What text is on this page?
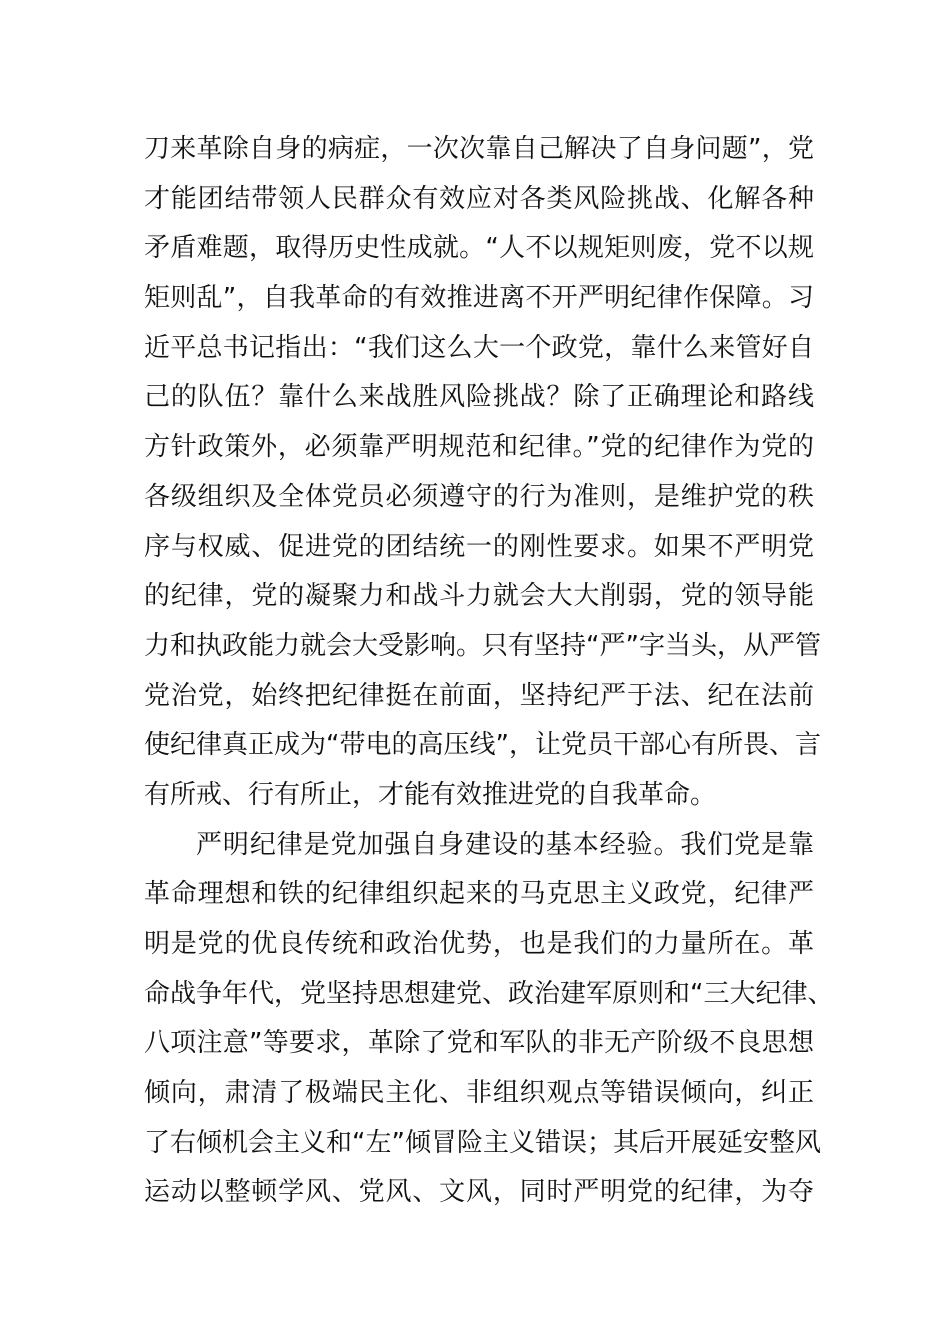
刀来革除自身的病症，一次次靠自己解决了自身问题”，党
才能团结带领人民群众有效应对各类风险挑战、化解各种
矛盾难题，取得历史性成就。“人不以规矩则废，党不以规
矩则乱”，自我革命的有效推进离不开严明纪律作保障。习
近平总书记指出：“我们这么大一个政党，靠什么来管好自
己的队伍？靠什么来战胜风险挑战？除了正确理论和路线
方针政策外，必须靠严明规范和纪律。”党的纪律作为党的
各级组织及全体党员必须遵守的行为准则，是维护党的秩
序与权威、促进党的团结统一的刚性要求。如果不严明党
的纪律，党的凝聚力和战斗力就会大大削弱，党的领导能
力和执政能力就会大受影响。只有坚持“严”字当头，从严管
党治党，始终把纪律挺在前面，坚持纪严于法、纪在法前
使纪律真正成为“带电的高压线”，让党员干部心有所畏、言
有所戒、行有所止，才能有效推进党的自我革命。
严明纪律是党加强自身建设的基本经验。我们党是靠
革命理想和铁的纪律组织起来的马克思主义政党，纪律严
明是党的优良传统和政治优势，也是我们的力量所在。革
命战争年代，党坚持思想建党、政治建军原则和“三大纪律、
八项注意”等要求，革除了党和军队的非无产阶级不良思想
倾向，肃清了极端民主化、非组织观点等错误倾向，纠正
了右倾机会主义和“左”倾冒险主义错误；其后开展延安整风
运动以整顿学风、党风、文风，同时严明党的纪律，为夺
